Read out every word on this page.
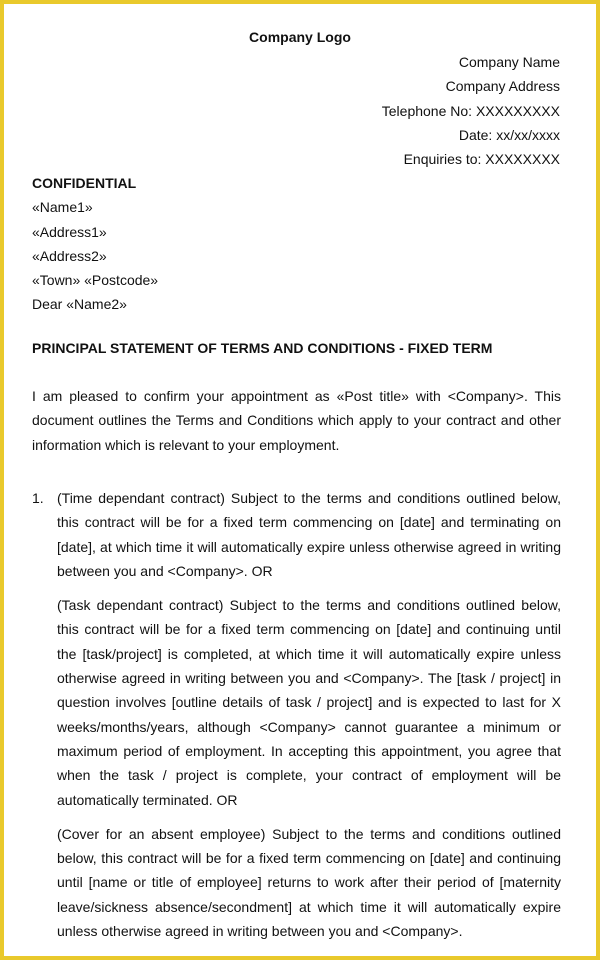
Company Logo
Company Name
Company Address
Telephone No: XXXXXXXXX
Date: xx/xx/xxxx
Enquiries to: XXXXXXXX
CONFIDENTIAL
«Name1»
«Address1»
«Address2»
«Town» «Postcode»
Dear «Name2»
PRINCIPAL STATEMENT OF TERMS AND CONDITIONS - FIXED TERM
I am pleased to confirm your appointment as «Post title» with <Company>. This document outlines the Terms and Conditions which apply to your contract and other information which is relevant to your employment.
1. (Time dependant contract) Subject to the terms and conditions outlined below, this contract will be for a fixed term commencing on [date] and terminating on [date], at which time it will automatically expire unless otherwise agreed in writing between you and <Company>. OR

(Task dependant contract) Subject to the terms and conditions outlined below, this contract will be for a fixed term commencing on [date] and continuing until the [task/project] is completed, at which time it will automatically expire unless otherwise agreed in writing between you and <Company>. The [task / project] in question involves [outline details of task / project] and is expected to last for X weeks/months/years, although <Company> cannot guarantee a minimum or maximum period of employment. In accepting this appointment, you agree that when the task / project is complete, your contract of employment will be automatically terminated. OR

(Cover for an absent employee) Subject to the terms and conditions outlined below, this contract will be for a fixed term commencing on [date] and continuing until [name or title of employee] returns to work after their period of [maternity leave/sickness absence/secondment] at which time it will automatically expire unless otherwise agreed in writing between you and <Company>.
